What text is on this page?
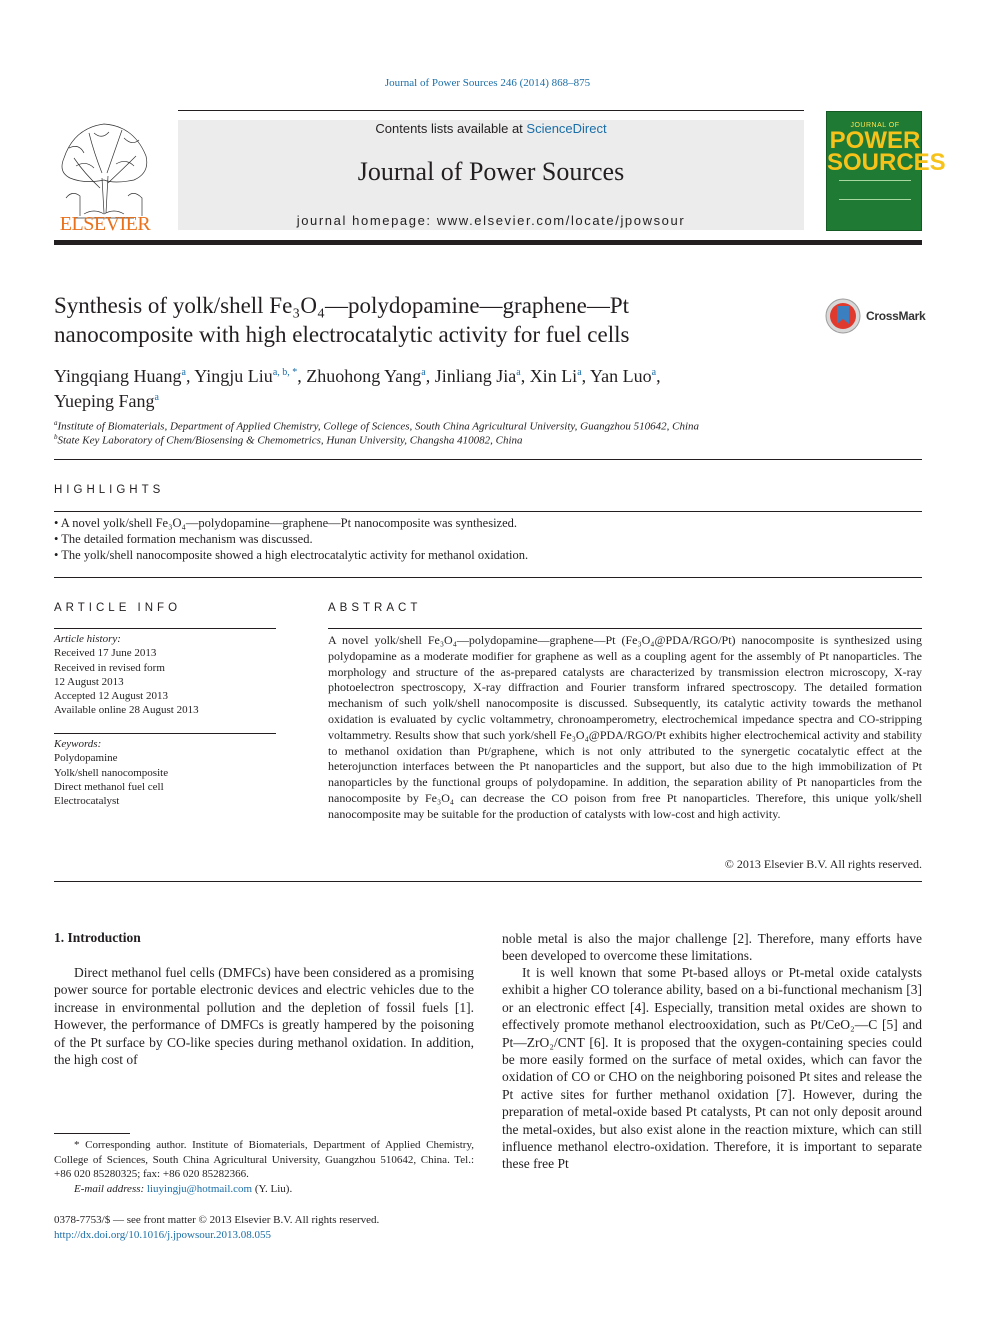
Journal of Power Sources 246 (2014) 868–875
ELSEVIER
Contents lists available at ScienceDirect
Journal of Power Sources
journal homepage: www.elsevier.com/locate/jpowsour
JOURNAL OF
POWER SOURCES
Synthesis of yolk/shell Fe₃O₄—polydopamine—graphene—Pt
nanocomposite with high electrocatalytic activity for fuel cells
CrossMark
Yingqiang Huang$^a$, Yingju Liu$^{a, b, *}$, Zhuohong Yang$^a$, Jinliang Jia$^a$, Xin Li$^a$, Yan Luo$^a$,
Yueping Fang$^a$
$^a$Institute of Biomaterials, Department of Applied Chemistry, College of Sciences, South China Agricultural University, Guangzhou 510642, China
$^b$State Key Laboratory of Chem/Biosensing & Chemometrics, Hunan University, Changsha 410082, China
HIGHLIGHTS
• A novel yolk/shell Fe₃O₄—polydopamine—graphene—Pt nanocomposite was synthesized.
• The detailed formation mechanism was discussed.
• The yolk/shell nanocomposite showed a high electrocatalytic activity for methanol oxidation.
ARTICLE INFO
Article history:
Received 17 June 2013
Received in revised form
12 August 2013
Accepted 12 August 2013
Available online 28 August 2013
Keywords:
Polydopamine
Yolk/shell nanocomposite
Direct methanol fuel cell
Electrocatalyst
ABSTRACT
A novel yolk/shell Fe₃O₄—polydopamine—graphene—Pt (Fe₃O₄@PDA/RGO/Pt) nanocomposite is synthesized using polydopamine as a moderate modifier for graphene as well as a coupling agent for the assembly of Pt nanoparticles. The morphology and structure of the as-prepared catalysts are characterized by transmission electron microscopy, X-ray photoelectron spectroscopy, X-ray diffraction and Fourier transform infrared spectroscopy. The detailed formation mechanism of such yolk/shell nanocomposite is discussed. Subsequently, its catalytic activity towards the methanol oxidation is evaluated by cyclic voltammetry, chronoamperometry, electrochemical impedance spectra and CO-stripping voltammetry. Results show that such york/shell Fe₃O₄@PDA/RGO/Pt exhibits higher electrochemical activity and stability to methanol oxidation than Pt/graphene, which is not only attributed to the synergetic cocatalytic effect at the heterojunction interfaces between the Pt nanoparticles and the support, but also due to the high immobilization of Pt nanoparticles by the functional groups of polydopamine. In addition, the separation ability of Pt nanoparticles from the nanocomposite by Fe₃O₄ can decrease the CO poison from free Pt nanoparticles. Therefore, this unique yolk/shell nanocomposite may be suitable for the production of catalysts with low-cost and high activity.
© 2013 Elsevier B.V. All rights reserved.
1. Introduction
Direct methanol fuel cells (DMFCs) have been considered as a promising power source for portable electronic devices and electric vehicles due to the increase in environmental pollution and the depletion of fossil fuels [1]. However, the performance of DMFCs is greatly hampered by the poisoning of the Pt surface by CO-like species during methanol oxidation. In addition, the high cost of
noble metal is also the major challenge [2]. Therefore, many efforts have been developed to overcome these limitations.
It is well known that some Pt-based alloys or Pt-metal oxide catalysts exhibit a higher CO tolerance ability, based on a bi-functional mechanism [3] or an electronic effect [4]. Especially, transition metal oxides are shown to effectively promote methanol electrooxidation, such as Pt/CeO₂—C [5] and Pt—ZrO₂/CNT [6]. It is proposed that the oxygen-containing species could be more easily formed on the surface of metal oxides, which can favor the oxidation of CO or CHO on the neighboring poisoned Pt sites and release the Pt active sites for further methanol oxidation [7]. However, during the preparation of metal-oxide based Pt catalysts, Pt can not only deposit around the metal-oxides, but also exist alone in the reaction mixture, which can still influence methanol electro-oxidation. Therefore, it is important to separate these free Pt
* Corresponding author. Institute of Biomaterials, Department of Applied Chemistry, College of Sciences, South China Agricultural University, Guangzhou 510642, China. Tel.: +86 020 85280325; fax: +86 020 85282366.
E-mail address: liuyingju@hotmail.com (Y. Liu).
0378-7753/$ — see front matter © 2013 Elsevier B.V. All rights reserved.
http://dx.doi.org/10.1016/j.jpowsour.2013.08.055
